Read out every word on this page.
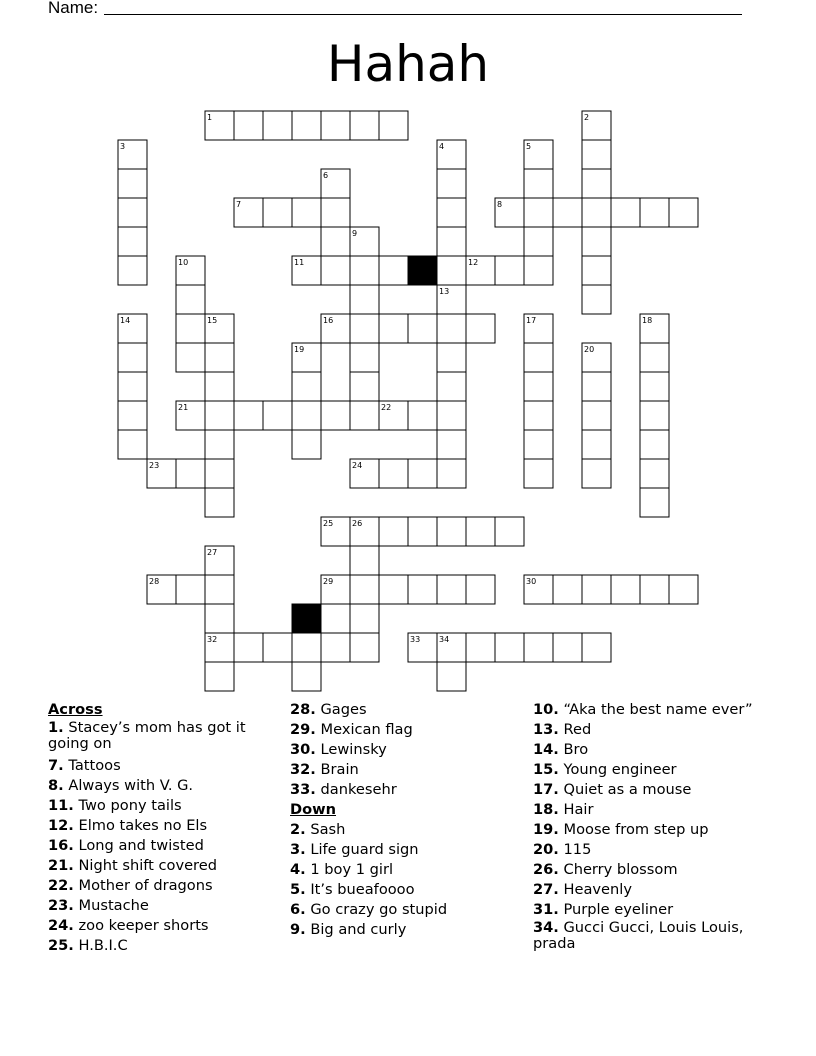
Name:
Hahah
1	2
3	4	5
6
7	8
9
10	11	12
13
14	15	16	17	18
19	20
21	22
23	24
25 26
27
28	29	30
31
32	33 34
Across
1. Stacey’s mom has got it going on
7. Tattoos
8. Always with V. G.
11. Two pony tails
12. Elmo takes no Els
16. Long and twisted
21. Night shift covered
22. Mother of dragons
23. Mustache
24. zoo keeper shorts
25. H.B.I.C
28. Gages
29. Mexican flag
30. Lewinsky
32. Brain
33. dankesehr
Down
2. Sash
3. Life guard sign
4. 1 boy 1 girl
5. It’s bueafoooo
6. Go crazy go stupid
9. Big and curly
10. “Aka the best name ever”
13. Red
14. Bro
15. Young engineer
17. Quiet as a mouse
18. Hair
19. Moose from step up
20. 115
26. Cherry blossom
27. Heavenly
31. Purple eyeliner
34. Gucci Gucci, Louis Louis, prada
